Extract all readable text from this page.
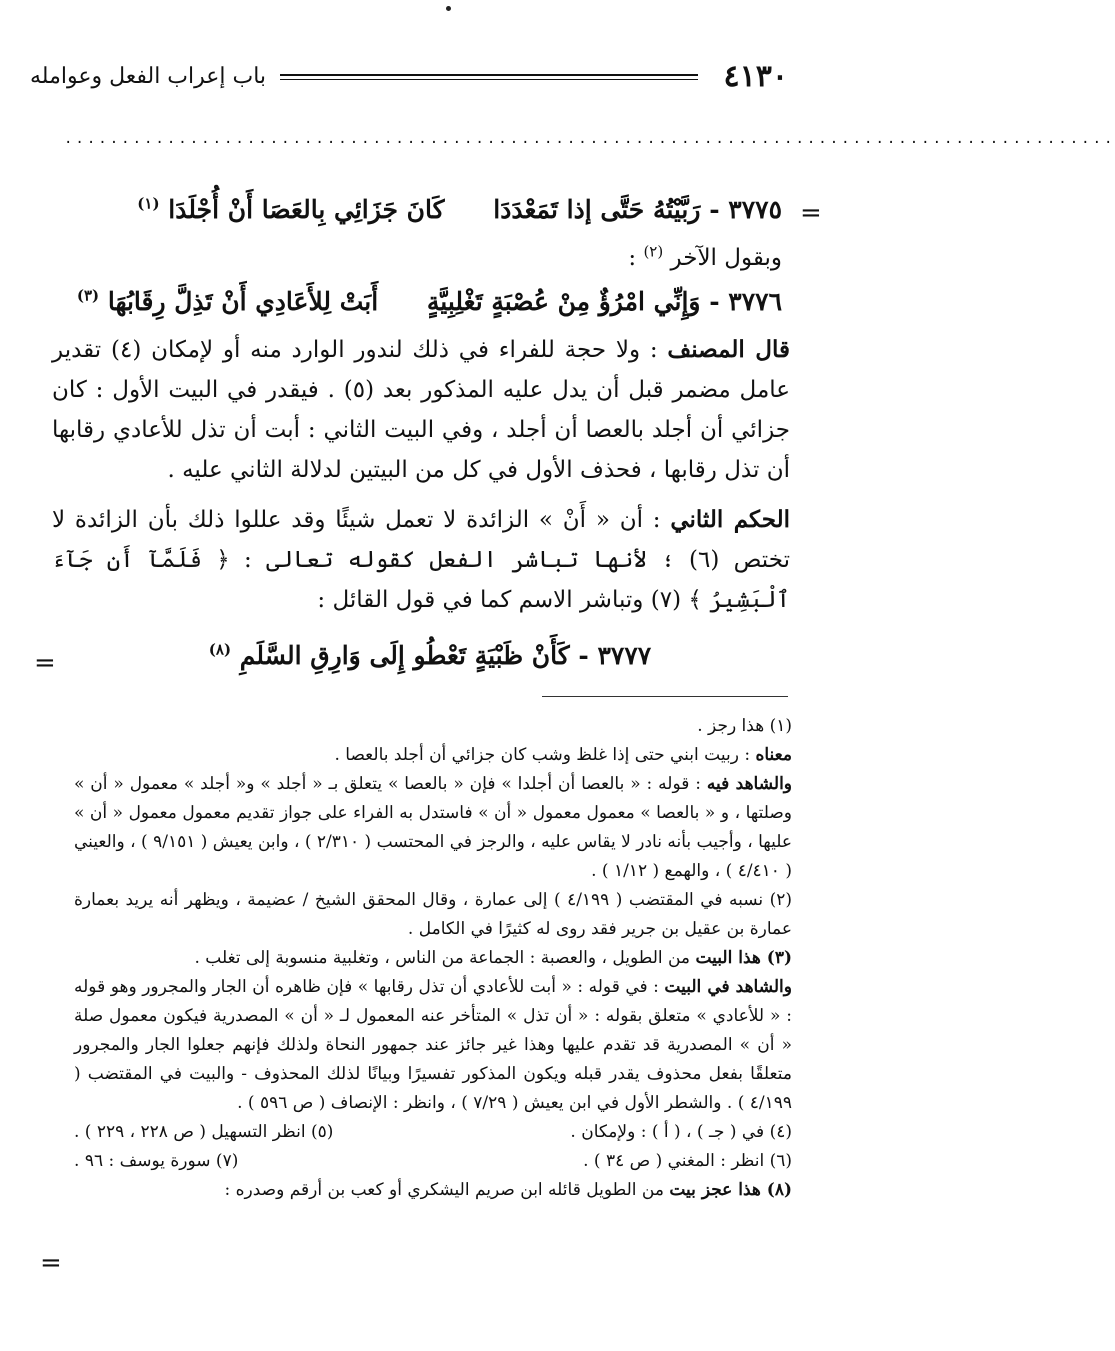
٤١٣٠
باب إعراب الفعل وعوامله
............................................................................................
=
٣٧٧٥ - رَبَّيْتُهُ حَتَّى إذا تَمَعْدَدَا كَانَ جَزَائِي بِالعَصَا أَنْ أُجْلَدَا $^{(١)}$
وبقول الآخر $^{(٢)}$ :
٣٧٧٦ - وَإِنِّي امْرُؤٌ مِنْ عُصْبَةٍ تَغْلِبِيَّةٍ أَبَتْ لِلأَعَادِي أَنْ تَذِلَّ رِقَابُهَا $^{(٣)}$
قال المصنف : ولا حجة للفراء في ذلك لندور الوارد منه أو لإمكان (٤) تقدير عامل مضمر قبل أن يدل عليه المذكور بعد (٥) . فيقدر في البيت الأول : كان جزائي أن أجلد بالعصا أن أجلد ، وفي البيت الثاني : أبت أن تذل للأعادي رقابها أن تذل رقابها ، فحذف الأول في كل من البيتين لدلالة الثاني عليه .
الحكم الثاني : أن « أَنْ » الزائدة لا تعمل شيئًا وقد عللوا ذلك بأن الزائدة لا تختص (٦) ؛ لأنها تباشر الفعل كقوله تعالى : ﴿ فَلَمَّآ أَن جَآءَ ٱلْبَشِيرُ ﴾ (٧) وتباشر الاسم كما في قول القائل :
٣٧٧٧ - كَأَنْ ظَبْيَةٍ تَعْطُو إِلَى وَارِقِ السَّلَمِ $^{(٨)}$
=
(١) هذا رجز .
معناه : ربيت ابني حتى إذا غلظ وشب كان جزائي أن أجلد بالعصا .
والشاهد فيه : قوله : « بالعصا أن أجلدا » فإن « بالعصا » يتعلق بـ « أجلد » و« أجلد » معمول « أن » وصلتها ، و « بالعصا » معمول معمول « أن » فاستدل به الفراء على جواز تقديم معمول معمول « أن » عليها ، وأجيب بأنه نادر لا يقاس عليه ، والرجز في المحتسب ( ٢/٣١٠ ) ، وابن يعيش ( ٩/١٥١ ) ، والعيني ( ٤/٤١٠ ) ، والهمع ( ١/١٢ ) .
(٢) نسبه في المقتضب ( ٤/١٩٩ ) إلى عمارة ، وقال المحقق الشيخ / عضيمة ، ويظهر أنه يريد بعمارة عمارة بن عقيل بن جرير فقد روى له كثيرًا في الكامل .
(٣) هذا البيت من الطويل ، والعصبة : الجماعة من الناس ، وتغلبية منسوبة إلى تغلب .
والشاهد في البيت : في قوله : « أبت للأعادي أن تذل رقابها » فإن ظاهره أن الجار والمجرور وهو قوله : « للأعادي » متعلق بقوله : « أن تذل » المتأخر عنه المعمول لـ « أن » المصدرية فيكون معمول صلة « أن » المصدرية قد تقدم عليها وهذا غير جائز عند جمهور النحاة ولذلك فإنهم جعلوا الجار والمجرور متعلقًا بفعل محذوف يقدر قبله ويكون المذكور تفسيرًا وبيانًا لذلك المحذوف - والبيت في المقتضب ( ٤/١٩٩ ) . والشطر الأول في ابن يعيش ( ٧/٢٩ ) ، وانظر : الإنصاف ( ص ٥٩٦ ) .
(٤) في ( جـ ) ، ( أ ) : ولإمكان .
(٥) انظر التسهيل ( ص ٢٢٨ ، ٢٢٩ ) .
(٦) انظر : المغني ( ص ٣٤ ) .
(٧) سورة يوسف : ٩٦ .
(٨) هذا عجز بيت من الطويل قائله ابن صريم اليشكري أو كعب بن أرقم وصدره :
=
